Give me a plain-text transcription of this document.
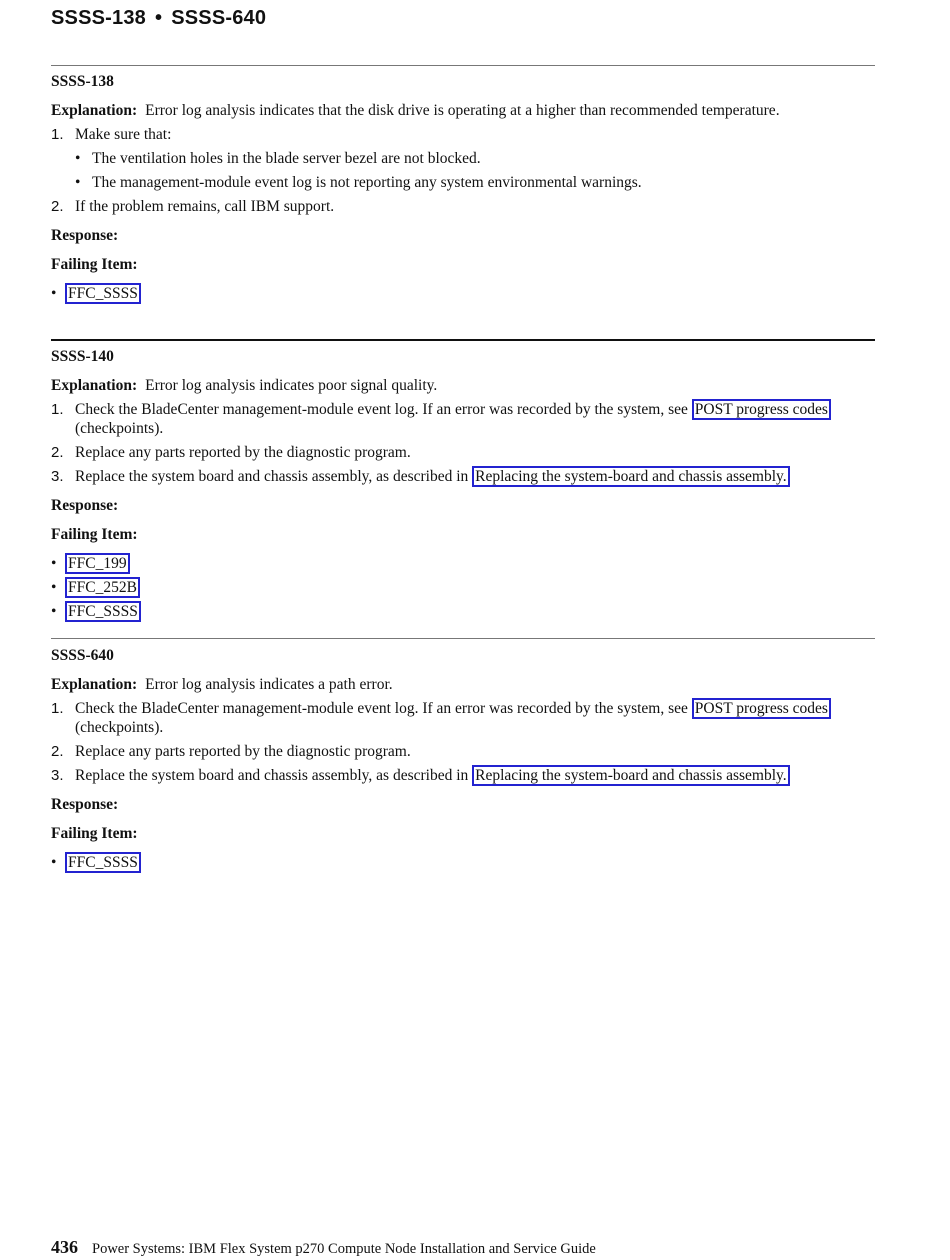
SSSS-138 • SSSS-640
SSSS-138

Explanation: Error log analysis indicates that the disk drive is operating at a higher than recommended temperature.

1. Make sure that:
• The ventilation holes in the blade server bezel are not blocked.
• The management-module event log is not reporting any system environmental warnings.
2. If the problem remains, call IBM support.
Response:
Failing Item:
• FFC_SSSS
SSSS-140

Explanation: Error log analysis indicates poor signal quality.

1. Check the BladeCenter management-module event log. If an error was recorded by the system, see POST progress codes (checkpoints).
2. Replace any parts reported by the diagnostic program.
3. Replace the system board and chassis assembly, as described in Replacing the system-board and chassis assembly.
Response:
Failing Item:
• FFC_199
• FFC_252B
• FFC_SSSS
SSSS-640

Explanation: Error log analysis indicates a path error.

1. Check the BladeCenter management-module event log. If an error was recorded by the system, see POST progress codes (checkpoints).
2. Replace any parts reported by the diagnostic program.
3. Replace the system board and chassis assembly, as described in Replacing the system-board and chassis assembly.
Response:
Failing Item:
• FFC_SSSS
436 Power Systems: IBM Flex System p270 Compute Node Installation and Service Guide
